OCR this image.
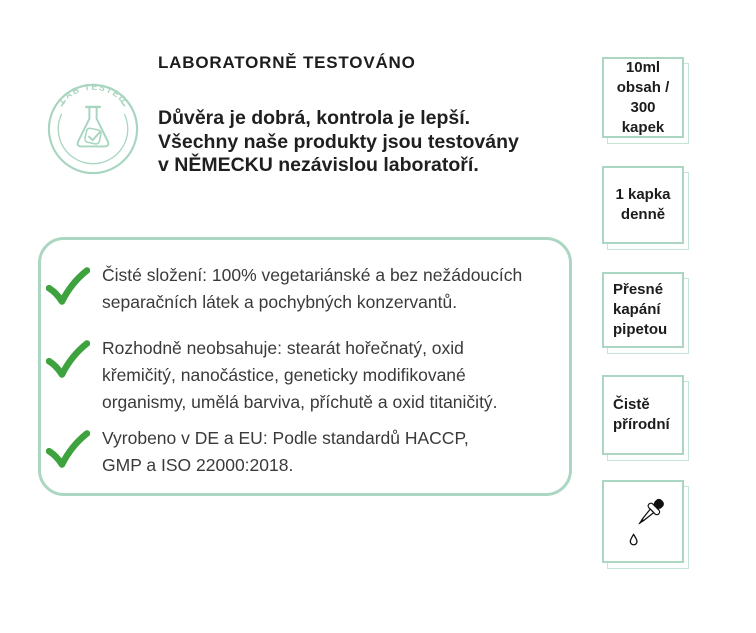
LAB TESTED
LABORATORNĚ TESTOVÁNO
Důvěra je dobrá, kontrola je lepší.
Všechny naše produkty jsou testovány
v NĚMECKU nezávislou laboratoří.
Čisté složení: 100% vegetariánské a bez nežádoucích
separačních látek a pochybných konzervantů.
Rozhodně neobsahuje: stearát hořečnatý, oxid
křemičitý, nanočástice, geneticky modifikované
organismy, umělá barviva, příchutě a oxid titaničitý.
Vyrobeno v DE a EU: Podle standardů HACCP,
GMP a ISO 22000:2018.
10ml
obsah /
300
kapek
1 kapka
denně
Přesné
kapání
pipetou
Čistě
přírodní
